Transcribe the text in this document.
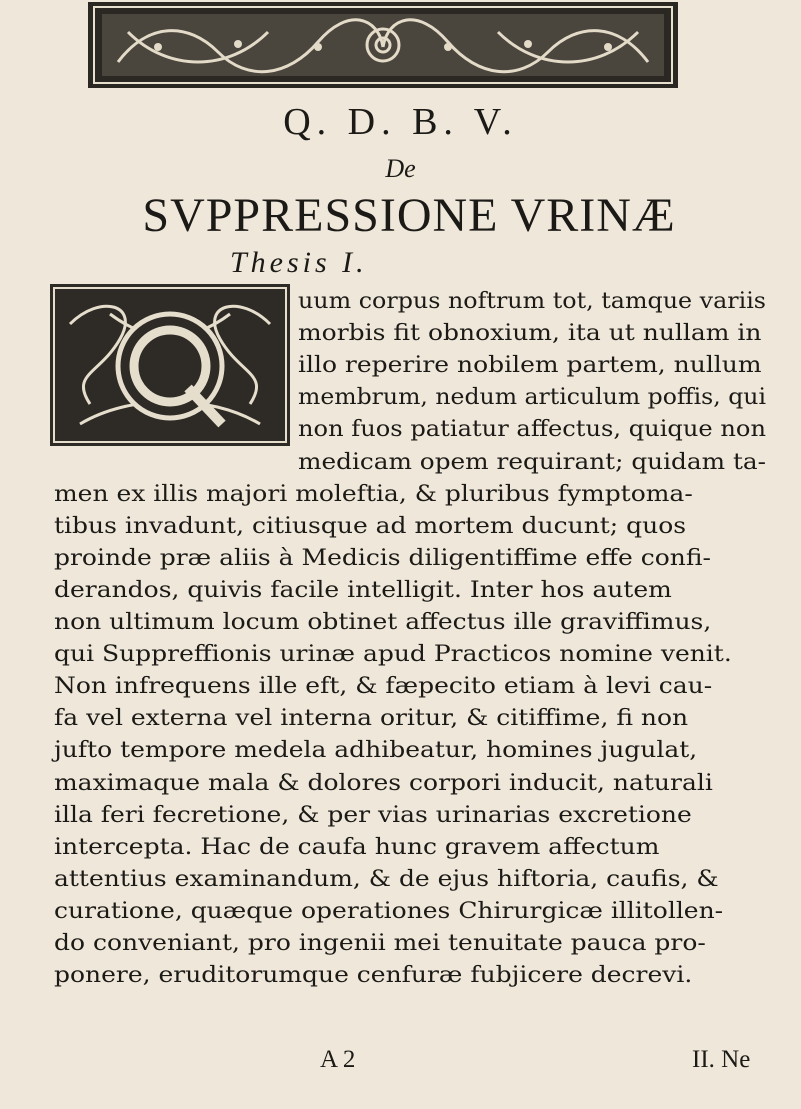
Q. D. B. V.
De
SVPPRESSIONE VRINÆ
Thesis I.
uum corpus noftrum tot, tamque variis
morbis fit obnoxium, ita ut nullam in
illo reperire nobilem partem, nullum
membrum, nedum articulum poffis, qui
non fuos patiatur affectus, quique non
medicam opem requirant; quidam ta-
men ex illis majori moleftia, & pluribus fymptoma-
tibus invadunt, citiusque ad mortem ducunt; quos
proinde præ aliis à Medicis diligentiffime effe confi-
derandos, quivis facile intelligit. Inter hos autem
non ultimum locum obtinet affectus ille graviffimus,
qui Suppreffionis urinæ apud Practicos nomine venit.
Non infrequens ille eft, & fæpecito etiam à levi cau-
fa vel externa vel interna oritur, & citiffime, fi non
jufto tempore medela adhibeatur, homines jugulat,
maximaque mala & dolores corpori inducit, naturali
illa feri fecretione, & per vias urinarias excretione
intercepta. Hac de caufa hunc gravem affectum
attentius examinandum, & de ejus hiftoria, caufis, &
curatione, quæque operationes Chirurgicæ illitollen-
do conveniant, pro ingenii mei tenuitate pauca pro-
ponere, eruditorumque cenfuræ fubjicere decrevi.
A 2	II. Ne
